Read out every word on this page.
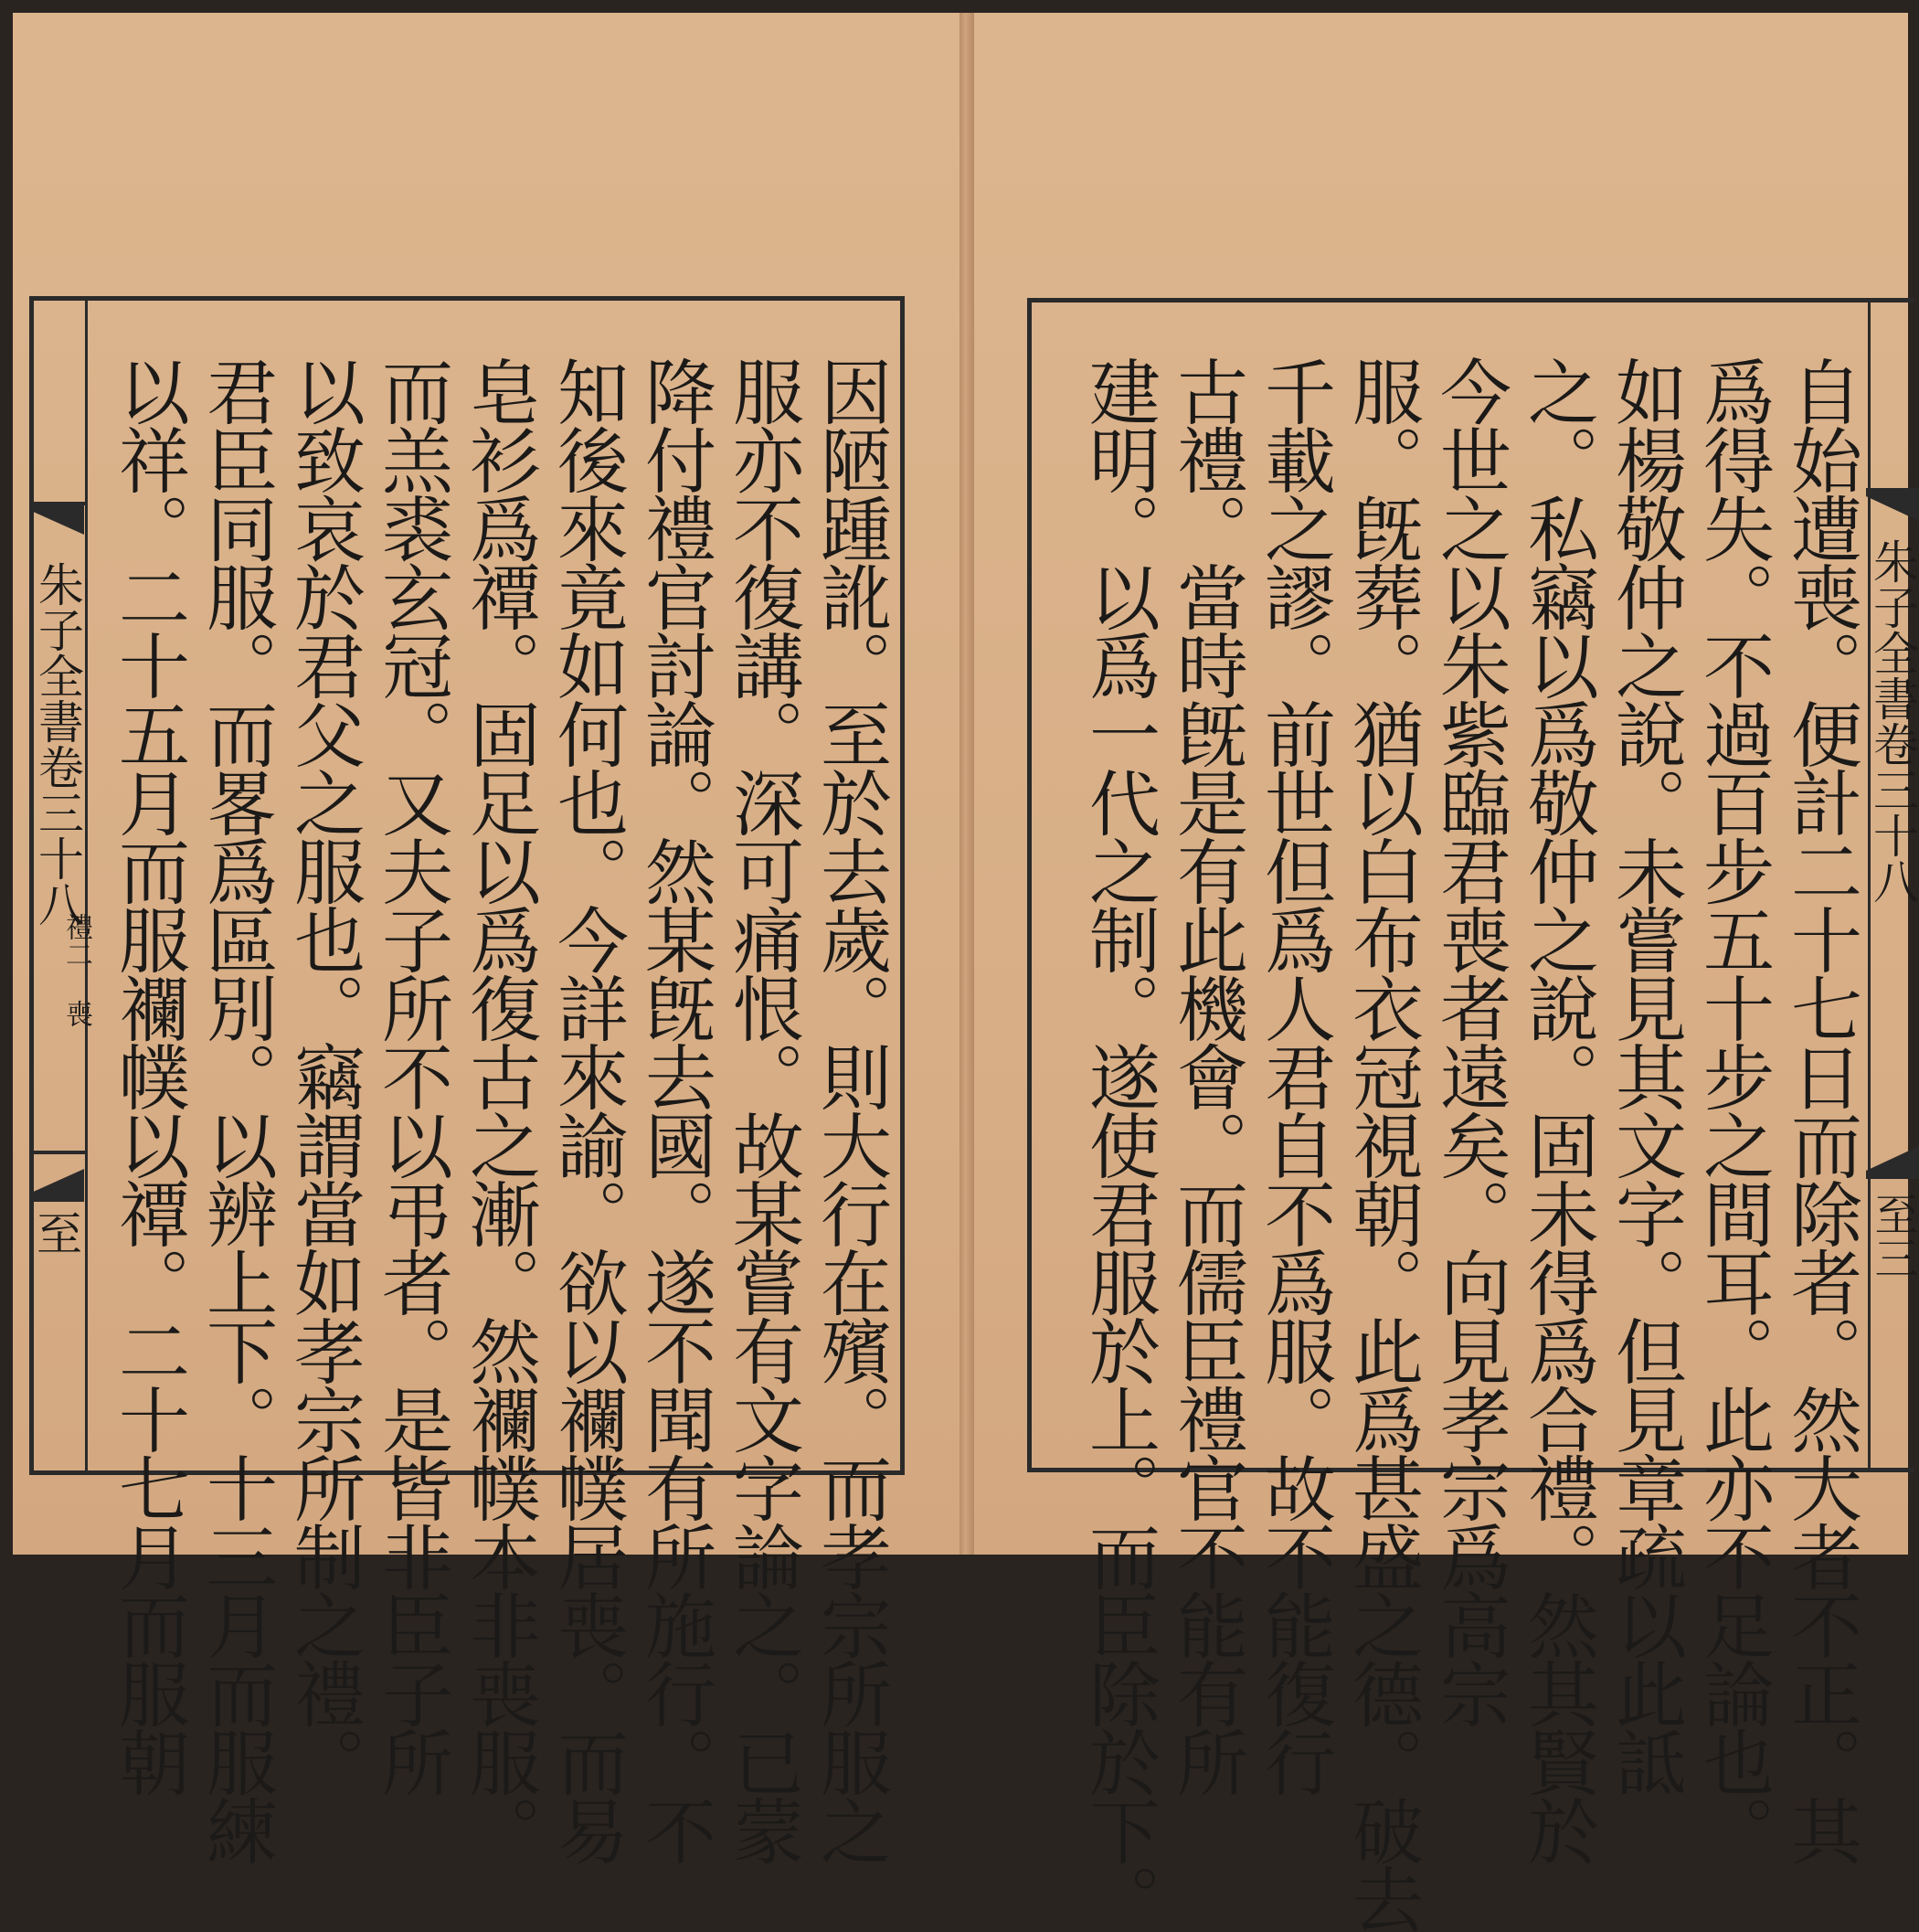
朱子全書卷三十八
禮二 喪
至	因陋踵訛。至於去歲。則大行在殯。而孝宗所服之
服亦不復講。深可痛恨。故某嘗有文字論之。已蒙
降付禮官討論。然某旣去國。遂不聞有所施行。不
知後來竟如何也。今詳來諭。欲以襴幞居喪。而易
皂衫爲禫。固足以爲復古之漸。然襴幞本非喪服。
而羔裘玄冠。又夫子所不以弔者。是皆非臣子所
以致哀於君父之服也。竊謂當如孝宗所制之禮。
君臣同服。而畧爲區別。以辨上下。十三月而服練
以祥。二十五月而服襴幞以禫。二十七月而服朝	朱子全書卷三十八
至三
自始遭喪。便計二十七日而除者。然大者不正。其
爲得失。不過百步五十步之間耳。此亦不足論也。
如楊敬仲之說。未嘗見其文字。但見章疏以此詆
之。私竊以爲敬仲之說。固未得爲合禮。然其賢於
今世之以朱紫臨君喪者遠矣。向見孝宗爲高宗
服。旣葬。猶以白布衣冠視朝。此爲甚盛之德。破去
千載之謬。前世但爲人君自不爲服。故不能復行
古禮。當時旣是有此機會。而儒臣禮官不能有所
建明。以爲一代之制。遂使君服於上。而臣除於下。
